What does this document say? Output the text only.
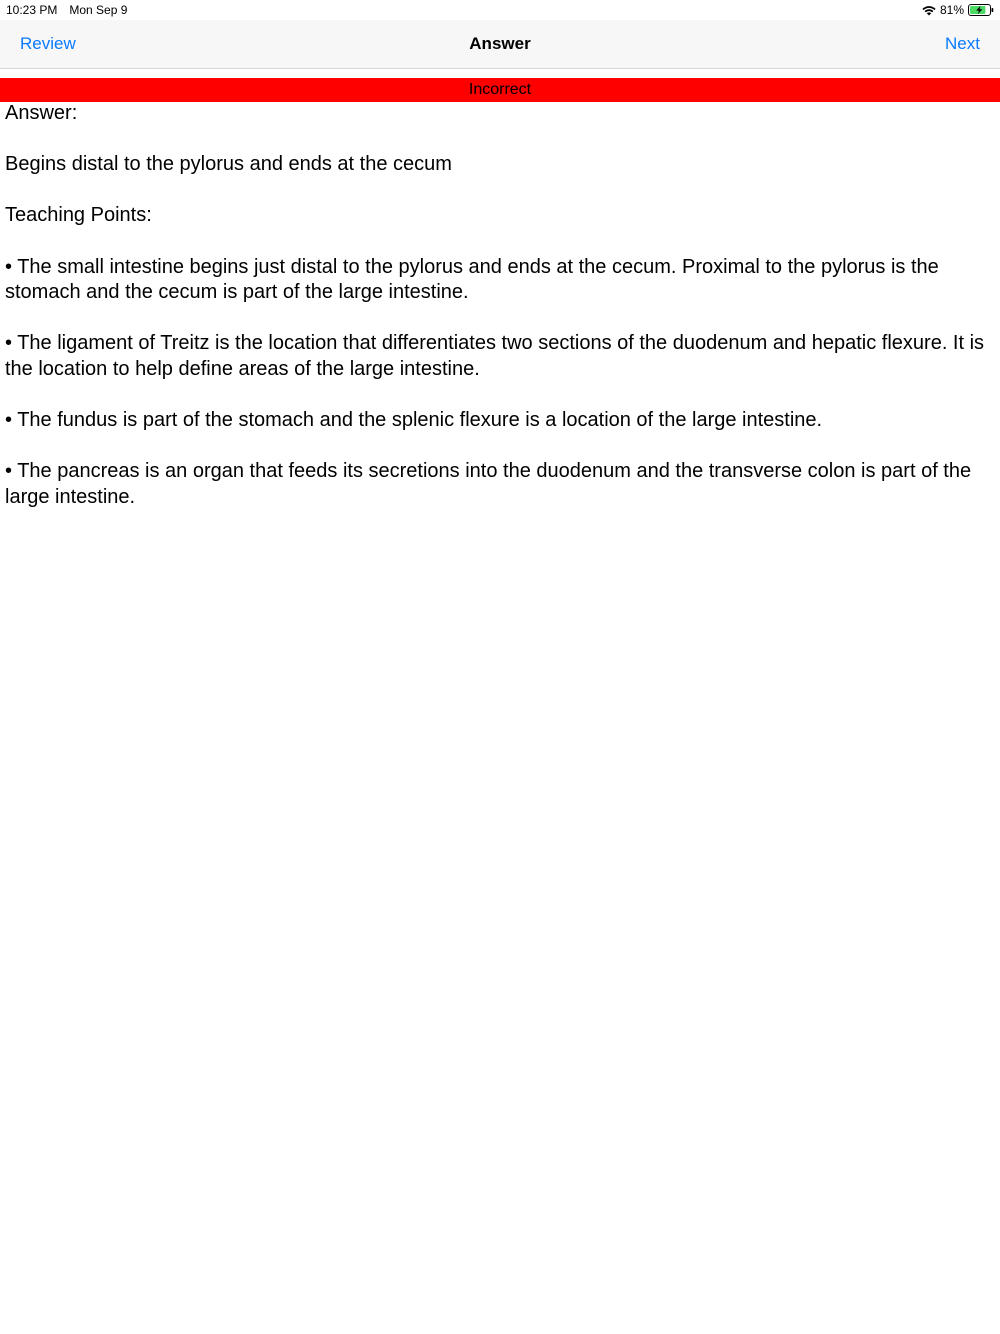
10:23 PM Mon Sep 9	81%
Review	Answer	Next
Incorrect

Answer:

Begins distal to the pylorus and ends at the cecum

Teaching Points:

• The small intestine begins just distal to the pylorus and ends at the cecum. Proximal to the pylorus is the stomach and the cecum is part of the large intestine.

• The ligament of Treitz is the location that differentiates two sections of the duodenum and hepatic flexure. It is the location to help define areas of the large intestine.

• The fundus is part of the stomach and the splenic flexure is a location of the large intestine.

• The pancreas is an organ that feeds its secretions into the duodenum and the transverse colon is part of the large intestine.
